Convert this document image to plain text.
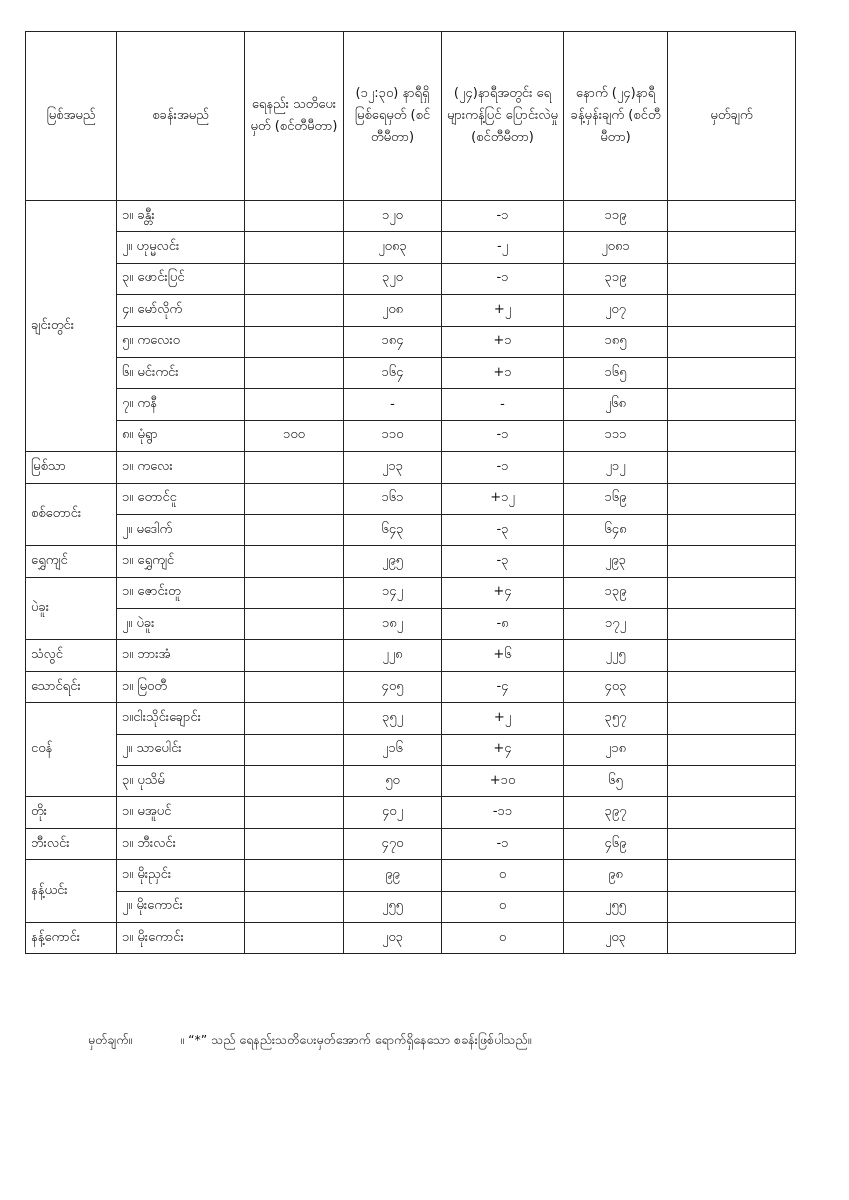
မြစ်အမည်	စခန်းအမည်	ရေနည်း သတိပေးမှတ် (စင်တီမီတာ)	(၁၂:၃၀) နာရီရှိ မြစ်ရေမှတ် (စင်တီမီတာ)	(၂၄)နာရီအတွင်း ရေများကန့်ပြင် ပြောင်းလဲမှု (စင်တီမီတာ)	နောက် (၂၄)နာရီ ခန့်မှန်းချက် (စင်တီမီတာ)	မှတ်ချက်
ချင်းတွင်း	၁။ ခန္တီး		၁၂၀	-၁	၁၁၉	
	၂။ ဟုမ္မလင်း		၂၀၈၃	-၂	၂၀၈၁	
	၃။ ဖောင်းပြင်		၃၂၀	-၁	၃၁၉	
	၄။ မော်လိုက်		၂၀၈	+၂	၂၀၇	
	၅။ ကလေးဝ		၁၈၄	+၁	၁၈၅	
	၆။ မင်းကင်း		၁၆၄	+၁	၁၆၅	
	၇။ ကနီ		-	-	၂၆၈	
	၈။ မုံရွာ	၁၀၀	၁၁၀	-၁	၁၁၁	
မြစ်သာ	၁။ ကလေး		၂၁၃	-၁	၂၁၂	
စစ်တောင်း	၁။ တောင်ငူ		၁၆၁	+၁၂	၁၆၉	
	၂။ မဒေါက်		၆၄၃	-၃	၆၄၈	
ရွှေကျင်	၁။ ရွှေကျင်		၂၉၅	-၃	၂၉၃	
ပဲခူး	၁။ ဇောင်းတူ		၁၄၂	+၄	၁၃၉	
	၂။ ပဲခူး		၁၈၂	-၈	၁၇၂	
သံလွင်	၁။ ဘားအံ		၂၂၈	+၆	၂၂၅	
သောင်ရင်း	၁။ မြဝတီ		၄၀၅	-၄	၄၀၃	
ငဝန်	၁။ငါးသိုင်းချောင်း		၃၅၂	+၂	၃၅၇	
	၂။ သာပေါင်း		၂၁၆	+၄	၂၁၈	
	၃။ ပုသိမ်		၅၀	+၁၀	၆၅	
တိုး	၁။ မအူပင်		၄၀၂	-၁၁	၃၉၇	
ဘီးလင်း	၁။ ဘီးလင်း		၄၇၀	-၁	၄၆၉	
နန့်ယင်း	၁။ မိုးညှင်း		၉၉	၀	၉၈	
	၂။ မိုးကောင်း		၂၅၅	၀	၂၅၅	
နန့်ကောင်း	၁။ မိုးကောင်း		၂၀၃	၀	၂၀၃	
မှတ်ချက်။	။ “*” သည် ရေနည်းသတိပေးမှတ်အောက် ရောက်ရှိနေသော စခန်းဖြစ်ပါသည်။
